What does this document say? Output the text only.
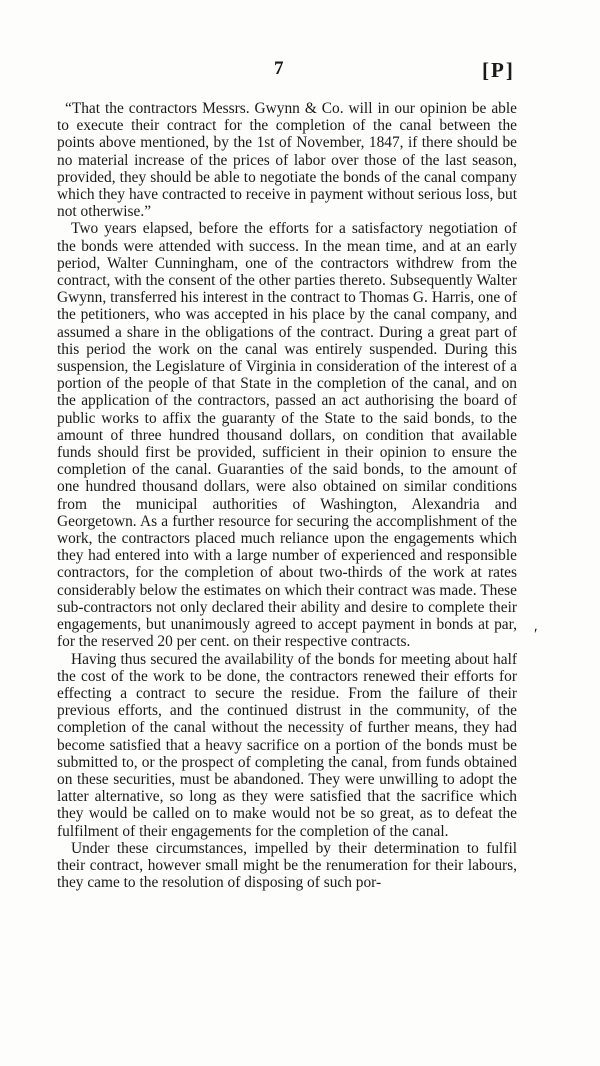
7	[P]

“That the contractors Messrs. Gwynn & Co. will in our opinion be able to execute their contract for the completion of the canal between the points above mentioned, by the 1st of November, 1847, if there should be no material increase of the prices of labor over those of the last season, provided, they should be able to negotiate the bonds of the canal company which they have contracted to receive in payment without serious loss, but not otherwise.”

Two years elapsed, before the efforts for a satisfactory negotiation of the bonds were attended with success. In the mean time, and at an early period, Walter Cunningham, one of the contractors withdrew from the contract, with the consent of the other parties thereto. Subsequently Walter Gwynn, transferred his interest in the contract to Thomas G. Harris, one of the petitioners, who was accepted in his place by the canal company, and assumed a share in the obligations of the contract. During a great part of this period the work on the canal was entirely suspended. During this suspension, the Legislature of Virginia in consideration of the interest of a portion of the people of that State in the completion of the canal, and on the application of the contractors, passed an act authorising the board of public works to affix the guaranty of the State to the said bonds, to the amount of three hundred thousand dollars, on condition that available funds should first be provided, sufficient in their opinion to ensure the completion of the canal. Guaranties of the said bonds, to the amount of one hundred thousand dollars, were also obtained on similar conditions from the municipal authorities of Washington, Alexandria and Georgetown. As a further resource for securing the accomplishment of the work, the contractors placed much reliance upon the engagements which they had entered into with a large number of experienced and responsible contractors, for the completion of about two-thirds of the work at rates considerably below the estimates on which their contract was made. These sub-contractors not only declared their ability and desire to complete their engagements, but unanimously agreed to accept payment in bonds at par, for the reserved 20 per cent. on their respective contracts.

Having thus secured the availability of the bonds for meeting about half the cost of the work to be done, the contractors renewed their efforts for effecting a contract to secure the residue. From the failure of their previous efforts, and the continued distrust in the community, of the completion of the canal without the necessity of further means, they had become satisfied that a heavy sacrifice on a portion of the bonds must be submitted to, or the prospect of completing the canal, from funds obtained on these securities, must be abandoned. They were unwilling to adopt the latter alternative, so long as they were satisfied that the sacrifice which they would be called on to make would not be so great, as to defeat the fulfilment of their engagements for the completion of the canal.

Under these circumstances, impelled by their determination to fulfil their contract, however small might be the renumeration for their labours, they came to the resolution of disposing of such por-

ʹ
